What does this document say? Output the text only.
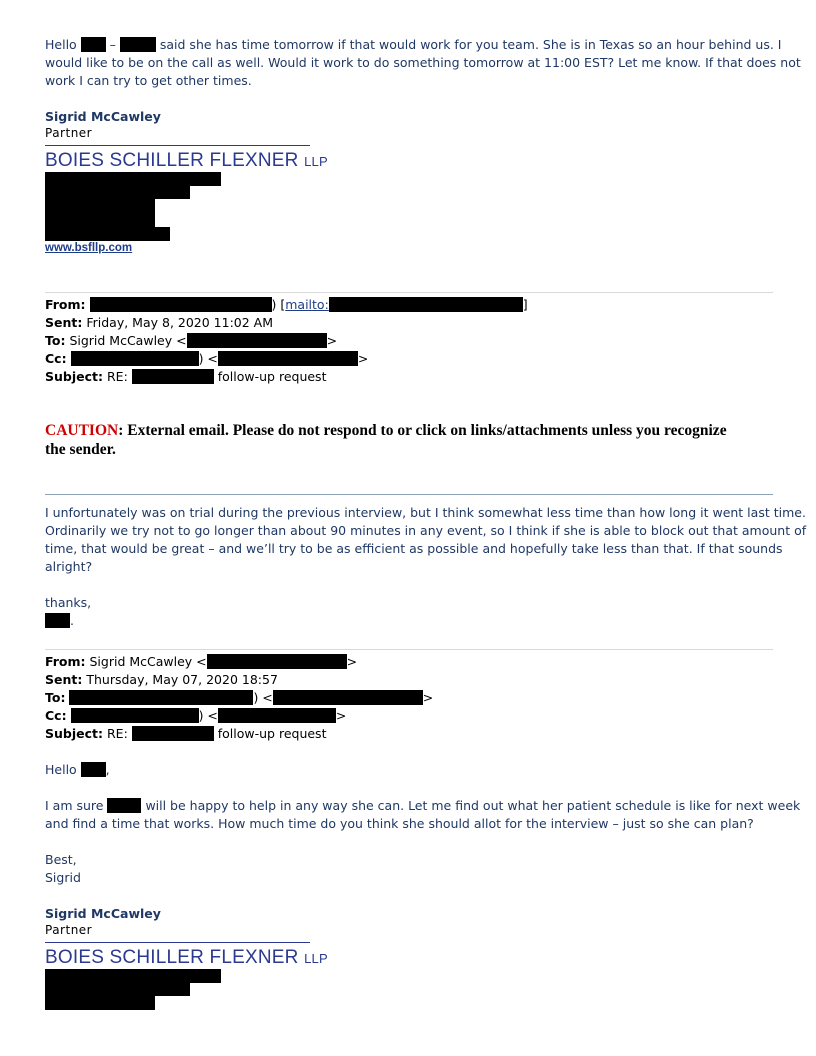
Hello	–	said she has time tomorrow if that would work for you team. She is in Texas so an hour behind us. I
would like to be on the call as well. Would it work to do something tomorrow at 11:00 EST? Let me know. If that does not
work I can try to get other times.
Sigrid McCawley
Partner
BOIES SCHILLER FLEXNER LLP
www.bsfllp.com
From:	) [mailto:	]
Sent: Friday, May 8, 2020 11:02 AM
To: Sigrid McCawley <	>
Cc:	) <	>
Subject: RE:	follow-up request
CAUTION: External email. Please do not respond to or click on links/attachments unless you recognize
the sender.
I unfortunately was on trial during the previous interview, but I think somewhat less time than how long it went last time.
Ordinarily we try not to go longer than about 90 minutes in any event, so I think if she is able to block out that amount of
time, that would be great – and we’ll try to be as efficient as possible and hopefully take less than that. If that sounds
alright?
thanks,
.
From: Sigrid McCawley <	>
Sent: Thursday, May 07, 2020 18:57
To:	) <	>
Cc:	) <	>
Subject: RE:	follow-up request
Hello ,
I am sure	will be happy to help in any way she can. Let me find out what her patient schedule is like for next week
and find a time that works. How much time do you think she should allot for the interview – just so she can plan?
Best,
Sigrid
Sigrid McCawley
Partner
BOIES SCHILLER FLEXNER LLP
